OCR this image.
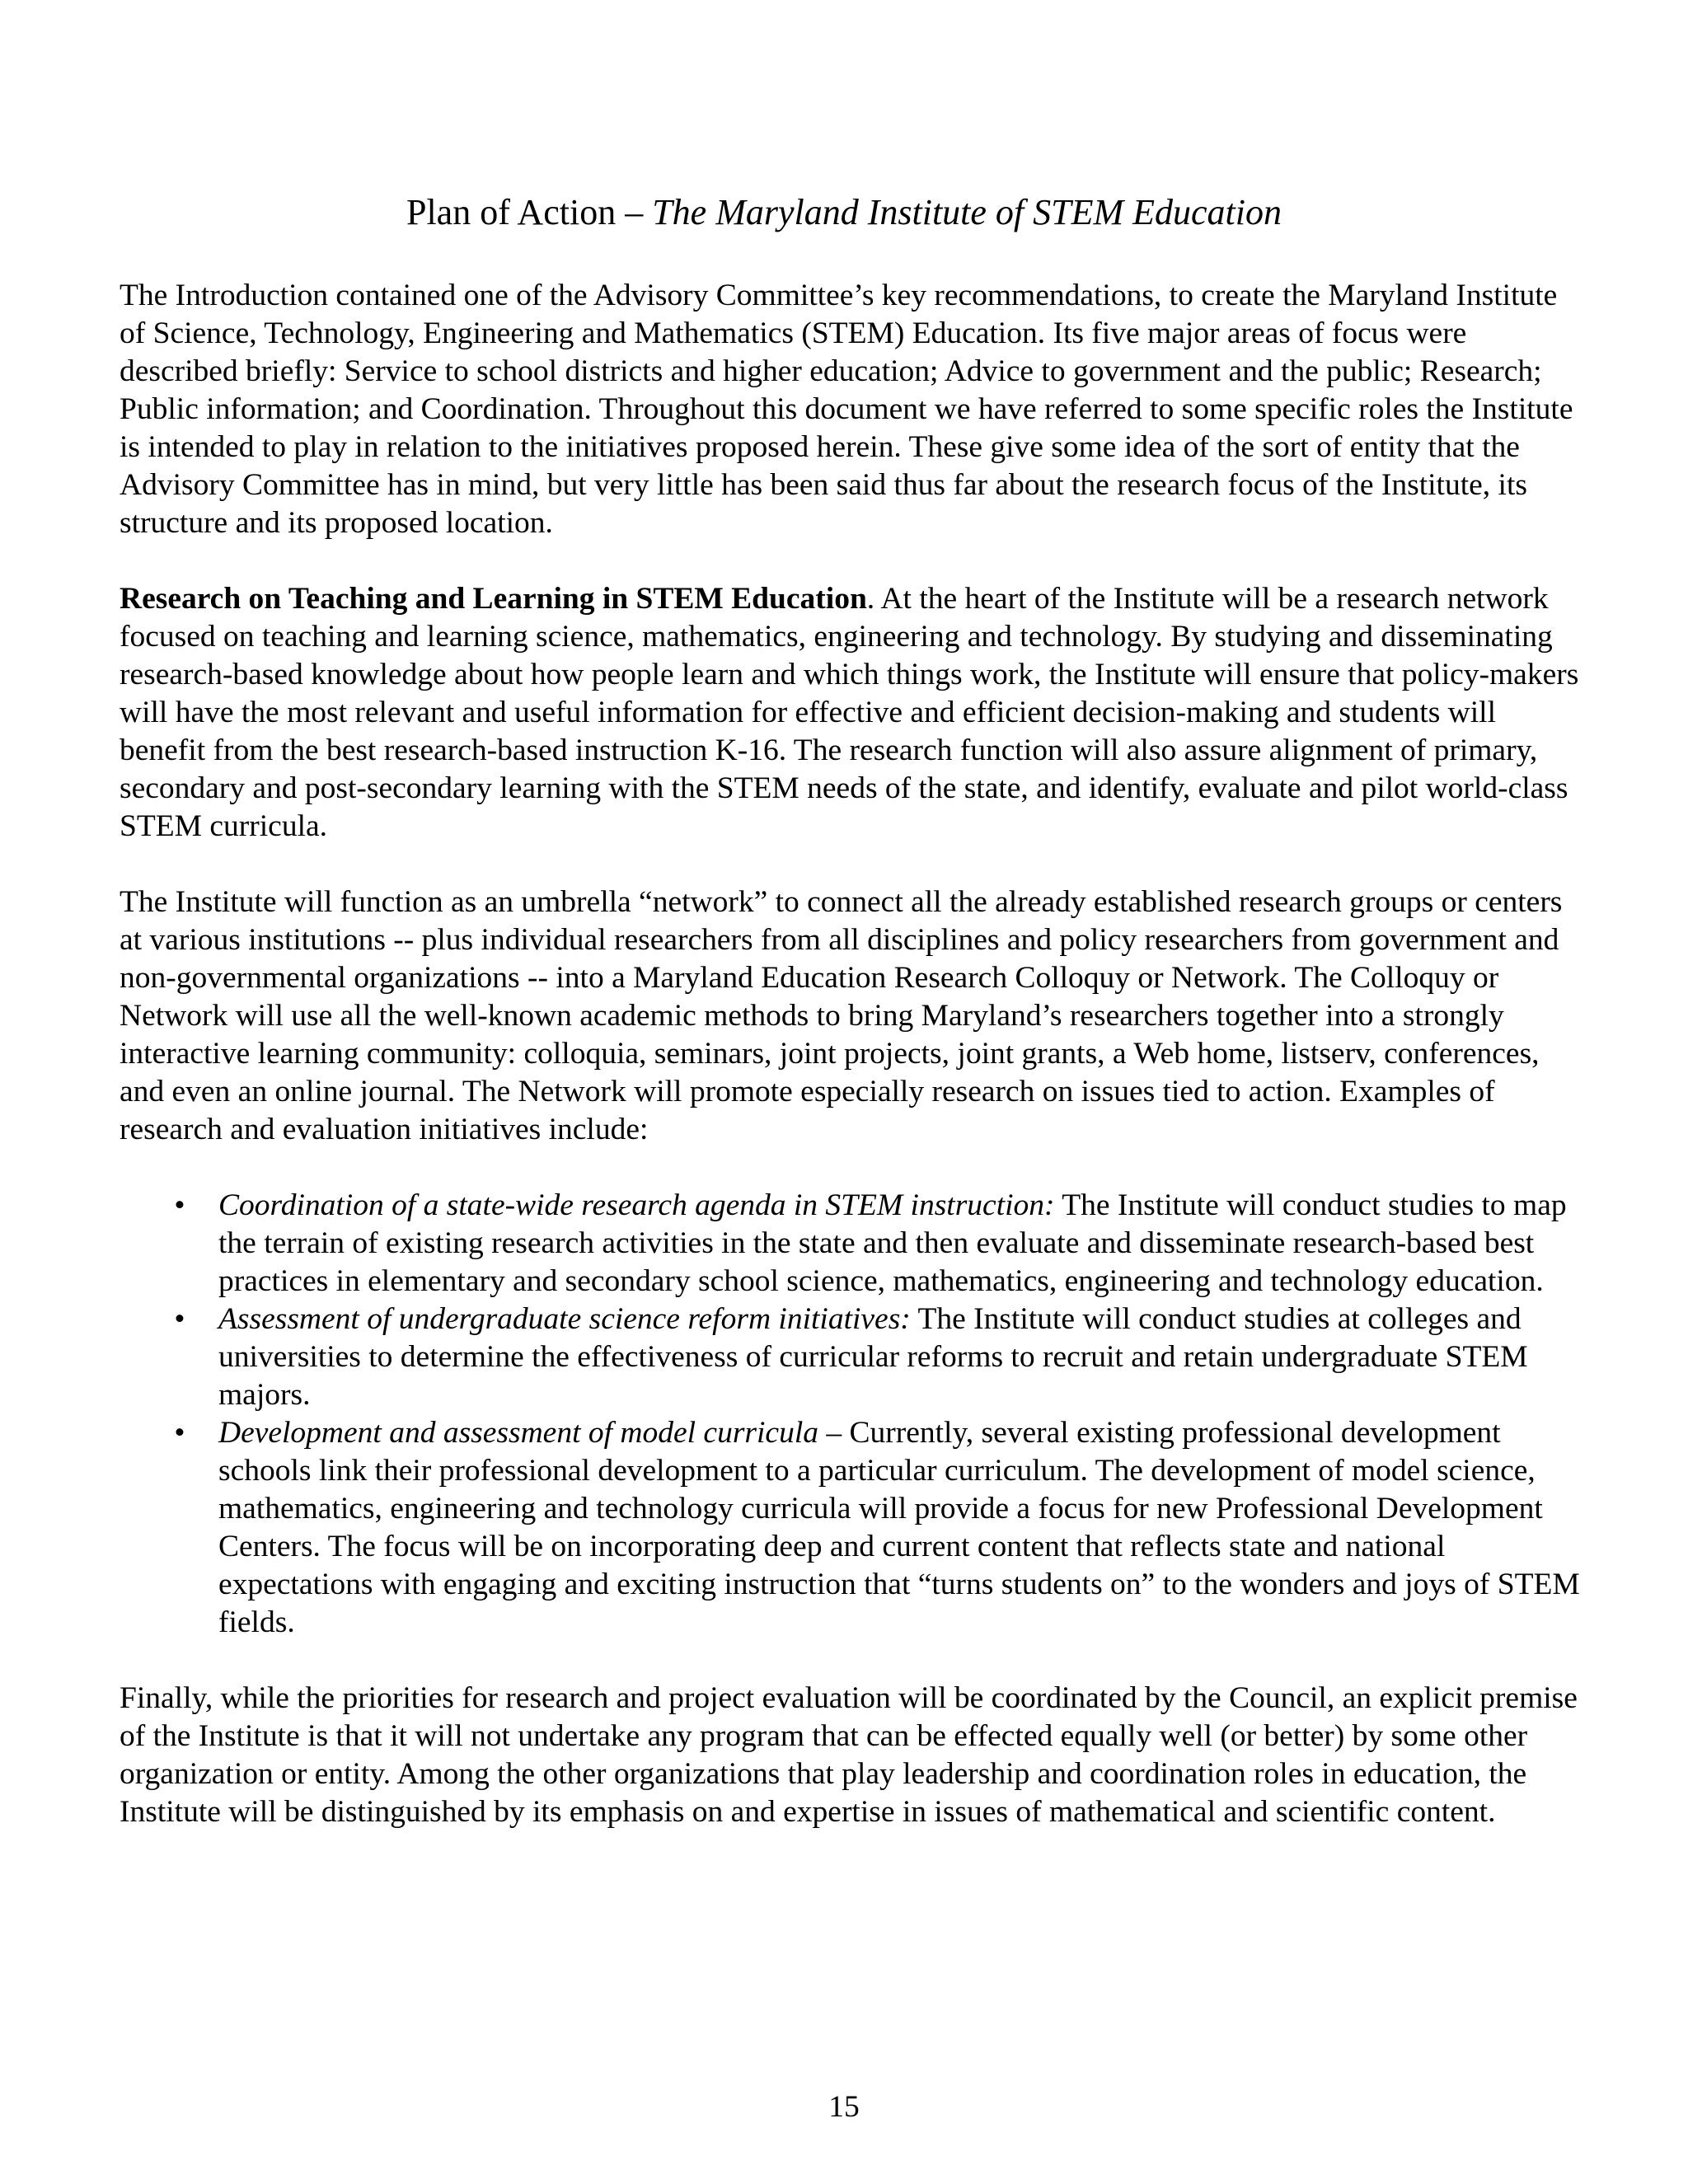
Plan of Action – The Maryland Institute of STEM Education

The Introduction contained one of the Advisory Committee’s key recommendations, to create the Maryland Institute of Science, Technology, Engineering and Mathematics (STEM) Education. Its five major areas of focus were described briefly: Service to school districts and higher education; Advice to government and the public; Research; Public information; and Coordination. Throughout this document we have referred to some specific roles the Institute is intended to play in relation to the initiatives proposed herein. These give some idea of the sort of entity that the Advisory Committee has in mind, but very little has been said thus far about the research focus of the Institute, its structure and its proposed location.

Research on Teaching and Learning in STEM Education. At the heart of the Institute will be a research network focused on teaching and learning science, mathematics, engineering and technology. By studying and disseminating research-based knowledge about how people learn and which things work, the Institute will ensure that policy-makers will have the most relevant and useful information for effective and efficient decision-making and students will benefit from the best research-based instruction K-16. The research function will also assure alignment of primary, secondary and post-secondary learning with the STEM needs of the state, and identify, evaluate and pilot world-class STEM curricula.

The Institute will function as an umbrella “network” to connect all the already established research groups or centers at various institutions -- plus individual researchers from all disciplines and policy researchers from government and non-governmental organizations -- into a Maryland Education Research Colloquy or Network. The Colloquy or Network will use all the well-known academic methods to bring Maryland’s researchers together into a strongly interactive learning community: colloquia, seminars, joint projects, joint grants, a Web home, listserv, conferences, and even an online journal. The Network will promote especially research on issues tied to action. Examples of research and evaluation initiatives include:

• Coordination of a state-wide research agenda in STEM instruction: The Institute will conduct studies to map the terrain of existing research activities in the state and then evaluate and disseminate research-based best practices in elementary and secondary school science, mathematics, engineering and technology education.
• Assessment of undergraduate science reform initiatives: The Institute will conduct studies at colleges and universities to determine the effectiveness of curricular reforms to recruit and retain undergraduate STEM majors.
• Development and assessment of model curricula – Currently, several existing professional development schools link their professional development to a particular curriculum. The development of model science, mathematics, engineering and technology curricula will provide a focus for new Professional Development Centers. The focus will be on incorporating deep and current content that reflects state and national expectations with engaging and exciting instruction that “turns students on” to the wonders and joys of STEM fields.

Finally, while the priorities for research and project evaluation will be coordinated by the Council, an explicit premise of the Institute is that it will not undertake any program that can be effected equally well (or better) by some other organization or entity. Among the other organizations that play leadership and coordination roles in education, the Institute will be distinguished by its emphasis on and expertise in issues of mathematical and scientific content.

15
